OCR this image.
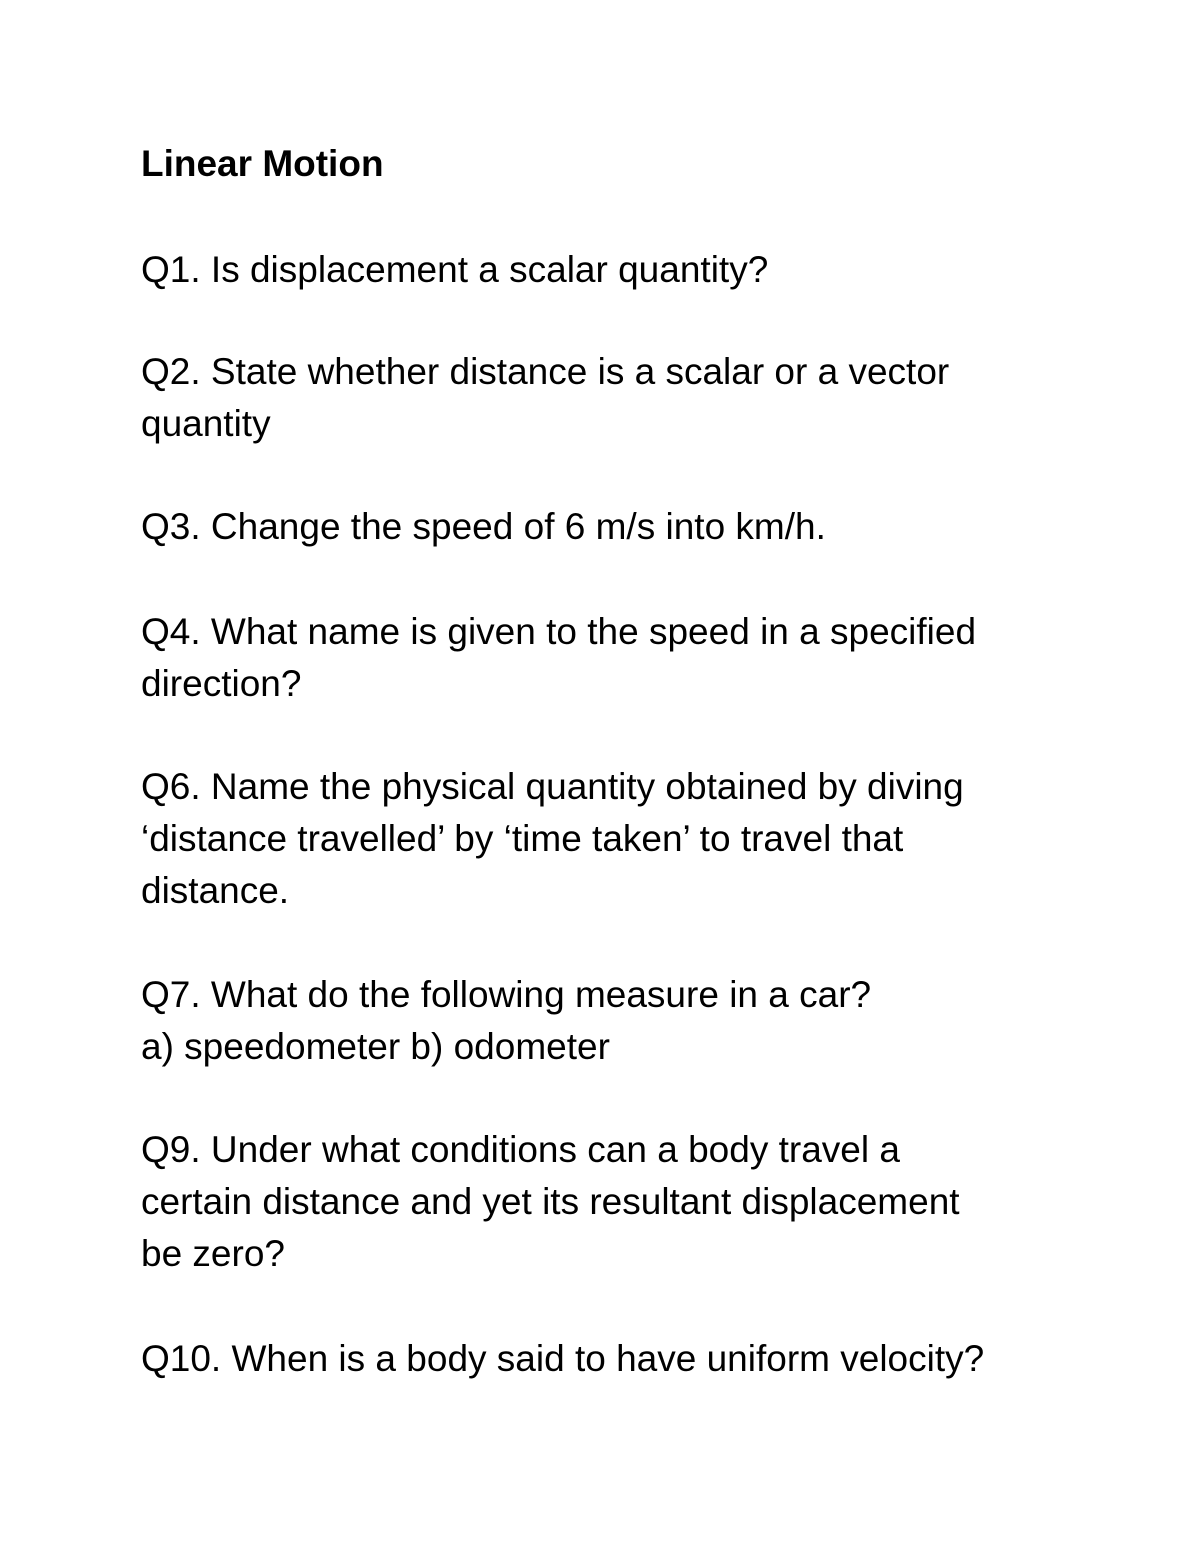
Linear Motion
Q1. Is displacement a scalar quantity?
Q2. State whether distance is a scalar or a vector
quantity
Q3. Change the speed of 6 m/s into km/h.
Q4. What name is given to the speed in a specified
direction?
Q6. Name the physical quantity obtained by diving
‘distance travelled’ by ‘time taken’ to travel that
distance.
Q7. What do the following measure in a car?
a) speedometer b) odometer
Q9. Under what conditions can a body travel a
certain distance and yet its resultant displacement
be zero?
Q10. When is a body said to have uniform velocity?
